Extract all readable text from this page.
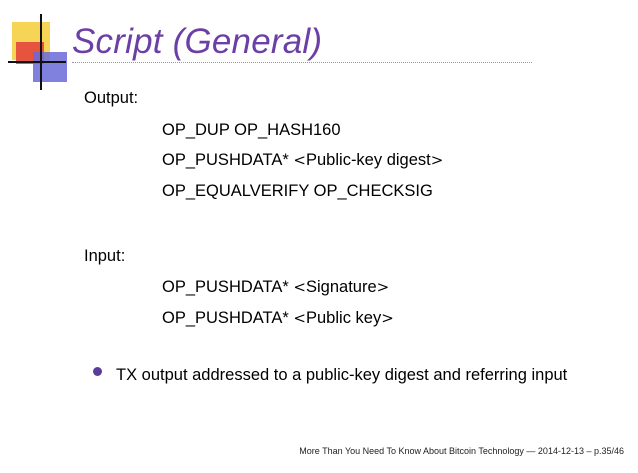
Script (General)
Output:
OP_DUP OP_HASH160
OP_PUSHDATA* <Public-key digest>
OP_EQUALVERIFY OP_CHECKSIG
Input:
OP_PUSHDATA* <Signature>
OP_PUSHDATA* <Public key>
TX output addressed to a public-key digest and referring input
More Than You Need To Know About Bitcoin Technology — 2014-12-13 – p.35/46
